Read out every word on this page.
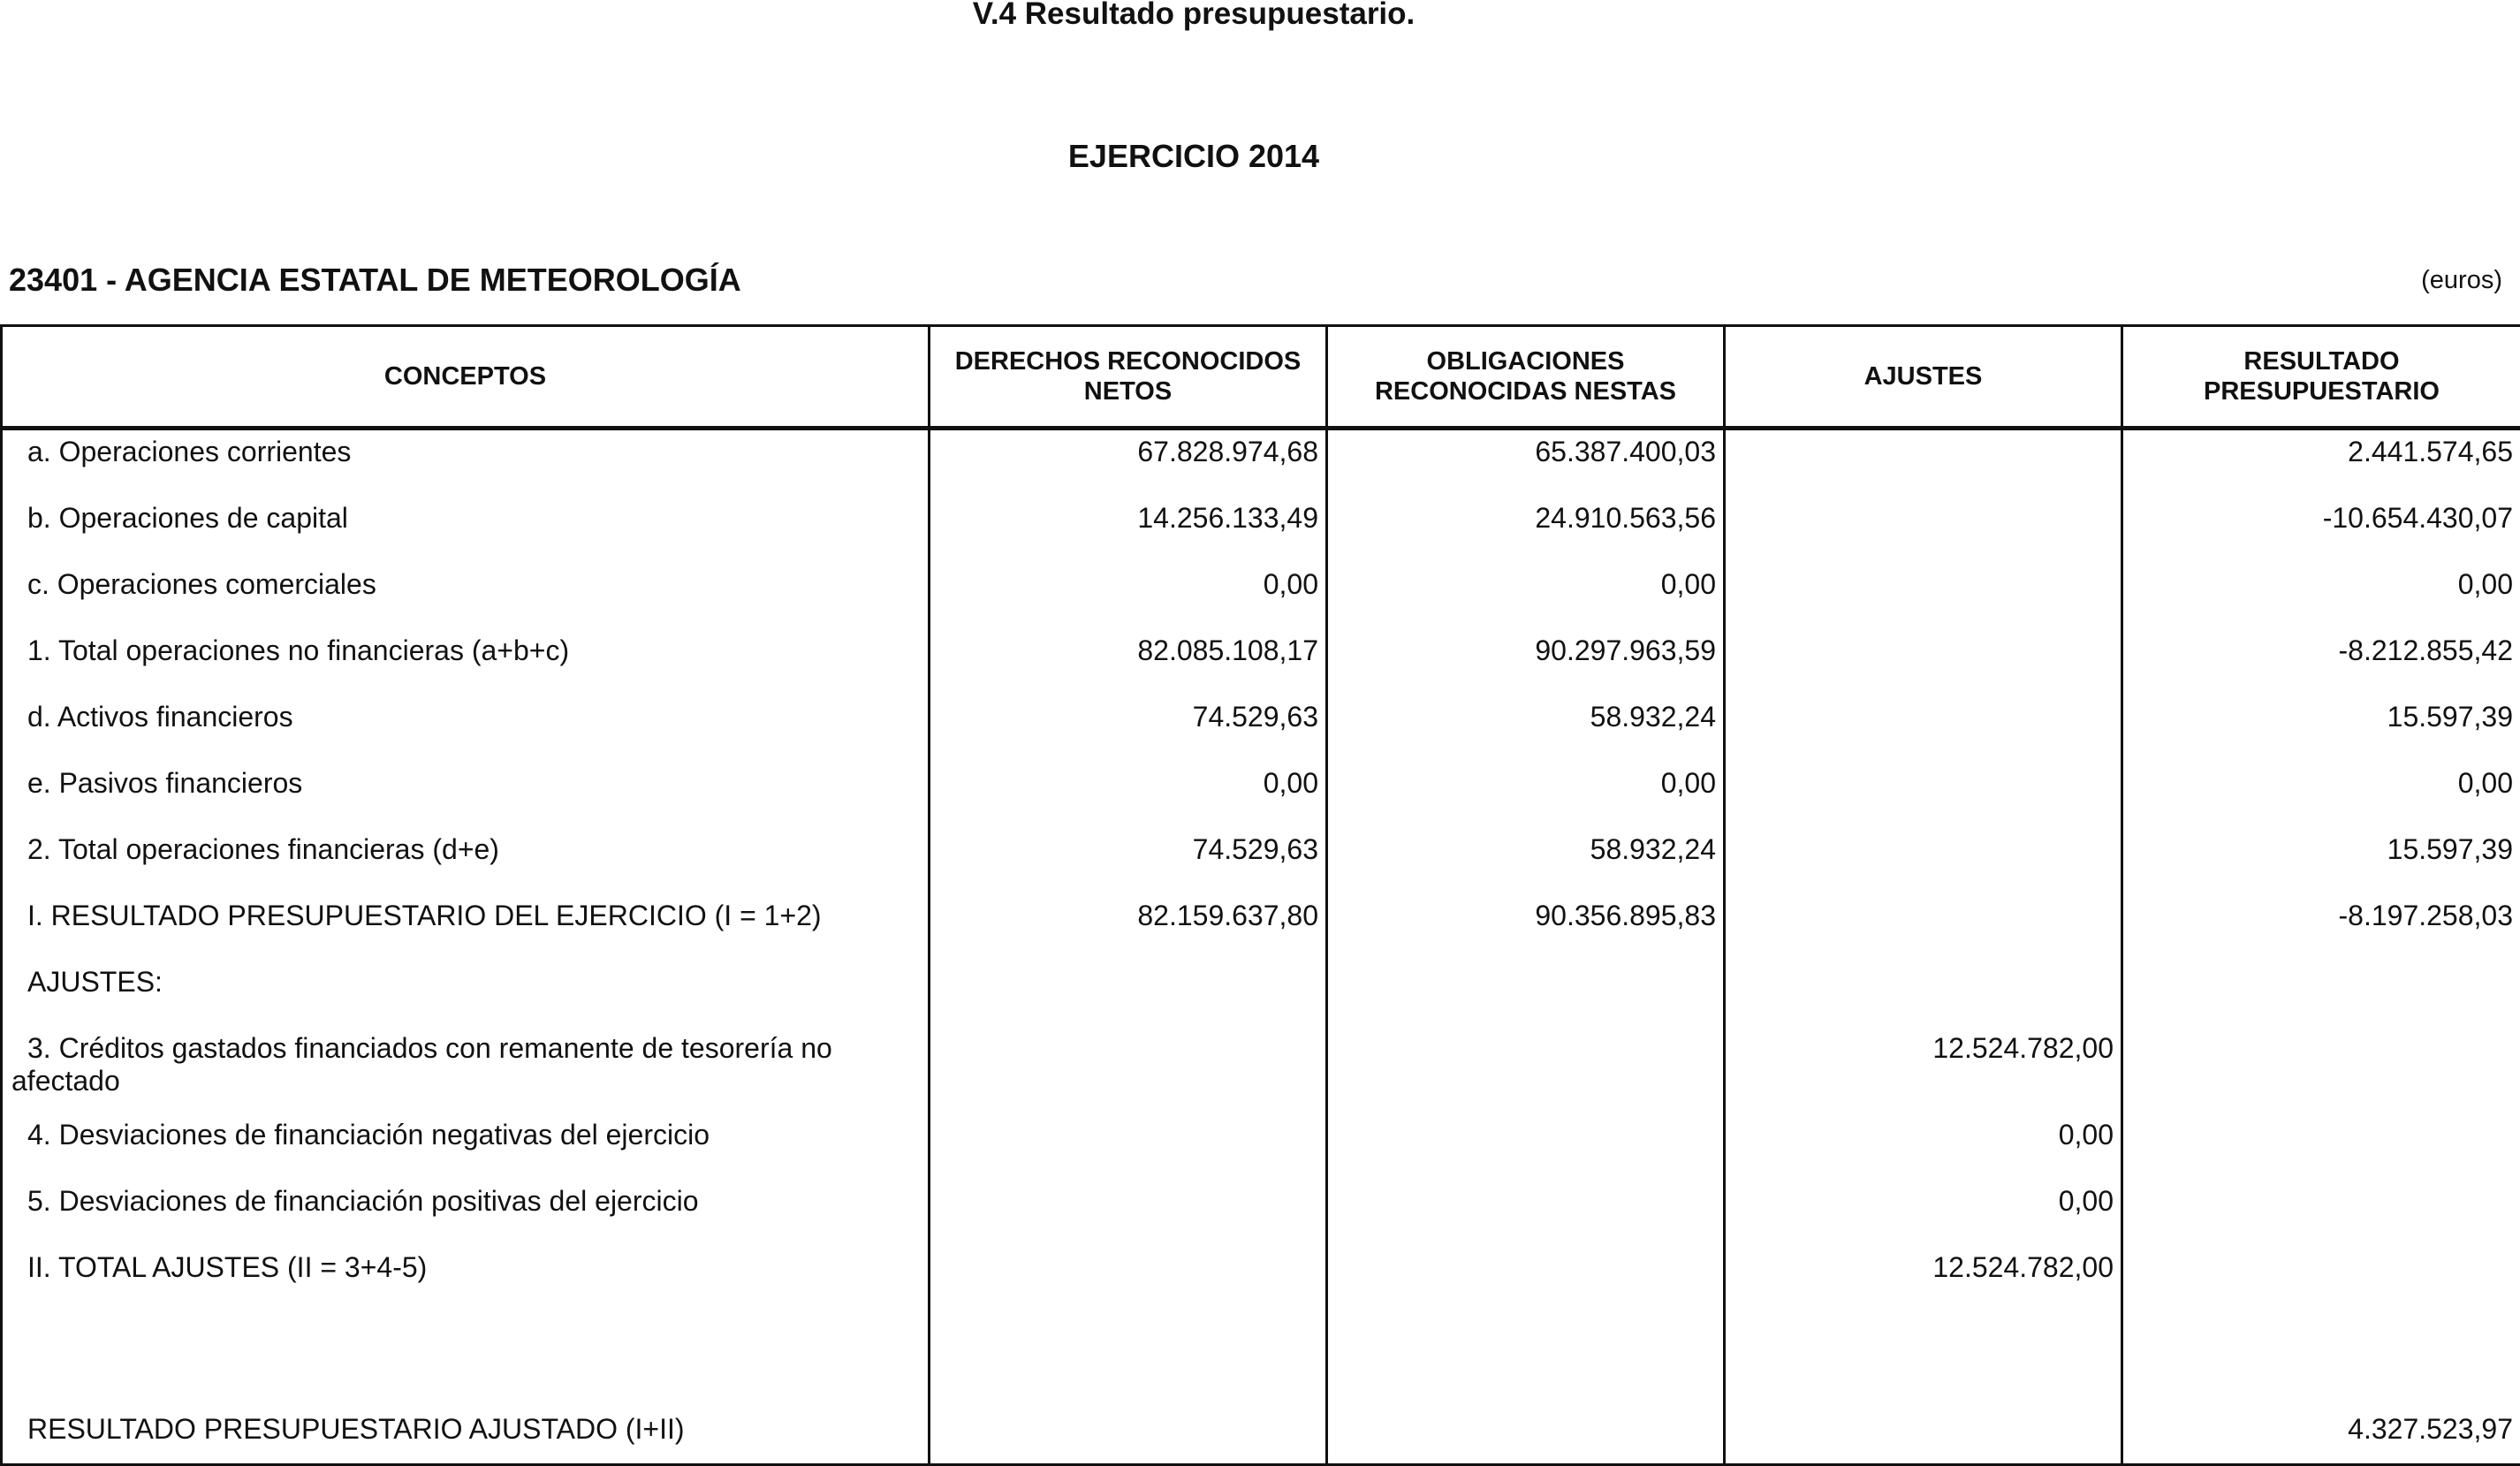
V.4 Resultado presupuestario.
EJERCICIO 2014
23401 - AGENCIA ESTATAL DE METEOROLOGÍA	(euros)
CONCEPTOS	DERECHOS RECONOCIDOS NETOS	OBLIGACIONES RECONOCIDAS NESTAS	AJUSTES	RESULTADO PRESUPUESTARIO
a. Operaciones corrientes	67.828.974,68	65.387.400,03		2.441.574,65
b. Operaciones de capital	14.256.133,49	24.910.563,56		-10.654.430,07
c. Operaciones comerciales	0,00	0,00		0,00
1. Total operaciones no financieras (a+b+c)	82.085.108,17	90.297.963,59		-8.212.855,42
d. Activos financieros	74.529,63	58.932,24		15.597,39
e. Pasivos financieros	0,00	0,00		0,00
2. Total operaciones financieras (d+e)	74.529,63	58.932,24		15.597,39
I. RESULTADO PRESUPUESTARIO DEL EJERCICIO (I = 1+2)	82.159.637,80	90.356.895,83		-8.197.258,03
AJUSTES:				
3. Créditos gastados financiados con remanente de tesorería no afectado			12.524.782,00	
4. Desviaciones de financiación negativas del ejercicio			0,00	
5. Desviaciones de financiación positivas del ejercicio			0,00	
II. TOTAL AJUSTES (II = 3+4-5)			12.524.782,00	

RESULTADO PRESUPUESTARIO AJUSTADO (I+II)				4.327.523,97
